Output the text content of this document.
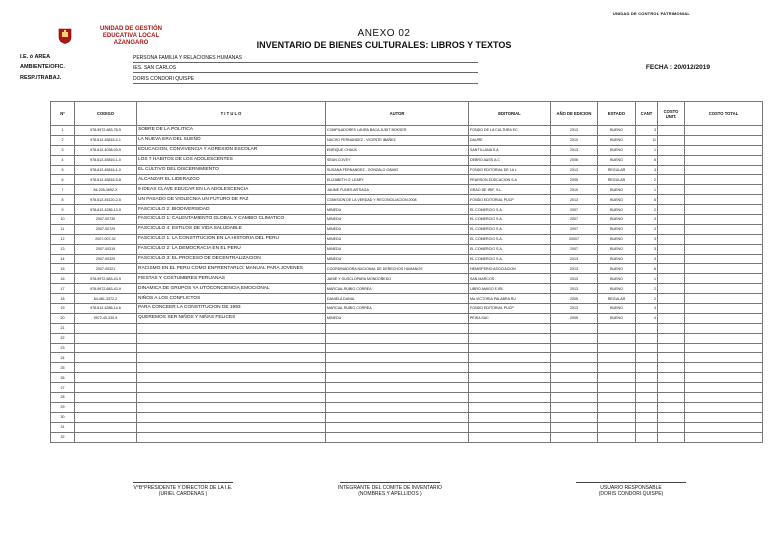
UNIDAD DE CONTROL PATRIMONIAL
UNIDAD DE GESTIÓN
EDUCATIVA LOCAL
AZANGARO
ANEXO 02
INVENTARIO DE BIENES CULTURALES: LIBROS Y TEXTOS
I.E. ó AREA	PERSONA FAMILIA Y RELACIONES HUMANAS
AMBIENTE/OFIC.	IES. SAN CARLOS
RESP./TRABAJ.	DORIS CONDORI QUISPE
FECHA : 20/012/2019
Nº	CODIGO	T I T U L O	AUTOR	EDITORIAL	AÑO DE EDICION	ESTADO	CANT	COSTO UNIT.	COSTO TOTAL
1	978-9972-683-78-9	SOBRE DE LA POLITICA	COMPILADORES LAURA BACA JUDIT BOKSER	FONDO DE LA CULTURA EC	2013	BUENO	3		
2	978-612-45816-4-1	LA NUEVA ERA DEL SUEÑO	NACHO FERNANDEZ - VICENTE IBAÑEZ	DAURE	2010	BUENO	11		
3	978-612-4038-03-9	EDUCACION, CONVIVENCIA Y AGRESION ESCOLAR	ENRIQUE CHAUX	SANTILLANA S.A	2013	BUENO	1		
4	978-612-45816-1-0	LOS 7 HABITOS DE LOS ADOLESCENTES	SEAN COVEY	DEBRO A&SS A.C	2006	BUENO	6		
5	978-612-45816-1-0	EL CULTIVO DEL DISCERNIMIENTO	SUSANA FERNANDEZ - GONZALO GAMIO	FONDO EDITORIAL DE LA L	2013	REGULAR	3		
6	978-612-45816-5-8	ALCANZAR EL LIDERAZGO	ELIZABETH O' LEARY	PEARSON EUDCACION S.A	2005	REGULAR	2		
7	84-205-3692-X	9 IDEAS CLAVE EDUCAR EN LA ADOLESCENCIA	JAUME FUNES ARTIAGA	GRAO DE IRIF, S.L.	2010	BUENO	1		
8	978-612-45120-2-5	UN PASADO DE VIOLECNIA UN FUTURO DE PAZ	COMISION DE LA VERDAD Y RECONCILIACION 2008	FONDO EDITORIAL PUCP	2013	BUENO	6		
9	978-612-4286-13-9	FASCICULO 2: BIODIVERSIDAD	MINEDU	EL COMERCIO S.A.	2007	BUENO	2		
10	2007-00730	FASCICULO 1: CALENTAMIENTO GLOBAL Y CAMBIO CLIMATICO	MINEDU	EL COMERCIO S.A.	2007	BUENO	3		
11	2007-00729	FASCICULO 4: ESTILOS DE VIDA SALUDABLE	MINEDU	EL COMERCIO S.A.	2007	BUENO	3		
12	2007-007-32	FASCICULO 1: LA CONSTITUCION EN LA HISTORIA DEL PERU	MINEDU	EL COMERCIO S.A.	20007	BUENO	3		
13	2007-00319	FASCICULO 2: LA DEMOCRACIA EN EL PERU	MINEDU	EL COMERCIO S.A.	2007	BUENO	3		
14	2007-00320	FASCICULO 3: EL PROCESO DE DECENTRALIZACION	MINEDU	EL COMERCIO S.A.	2013	BUENO	3		
15	2007-00321	RACISMO EN EL PERU COMO ENFRENTARLO: MANUAL PARA JOVENES	COORDINADORA NACIONAL DE DERECHOS HUMANOS	HEMISFERIO ASOCIACION	2013	BUENO	6		
16	978-9972-683-43-9	FIESTAS Y COSTUMBRES PERUANAS	JANIE Y GUSCLOPARA MONDOÑEDO	SAN MARCOS	2013	BUENO	1		
17	978-9972-683-43-9	DINAMICA DE GRUPOS YA UTOCONCIENCIA EMOCIONAL	MARCIAL RUBIO CORREA	LIBRO AMIGO E.IRL	2013	BUENO	2		
18	84-481-3372-2	NIÑOS A LOS CONFLICTOS	DANIELA DANIA	Ma VICTORIA PALABRA RU	2005	REGULAR	2		
19	978-612-4286-14-6	PARA CONCEER LA CONSTITUCION DE 1993	MARCIAL RUBIO CORREA	FONDO EDITORIAL PUCP	2013	BUENO	4		
20	9972-40-330-9	QUEREMOS SER NIÑOS Y NIÑAS FELICES	MINEDU	PEISA SAC	2005	BUENO	4		
21									
22									
23									
24									
25									
26									
27									
28									
29									
30									
31									
32									
V°B°PRESIDENTE Y DIRECTOR DE LA I.E.
(URIEL CARDENAS )
INTEGRANTE DEL COMITE DE INVENTARIO
(NOMBRES Y APELLIDOS )
USUARIO RESPONSABLE
(DORIS CONDORI QUISPE)
